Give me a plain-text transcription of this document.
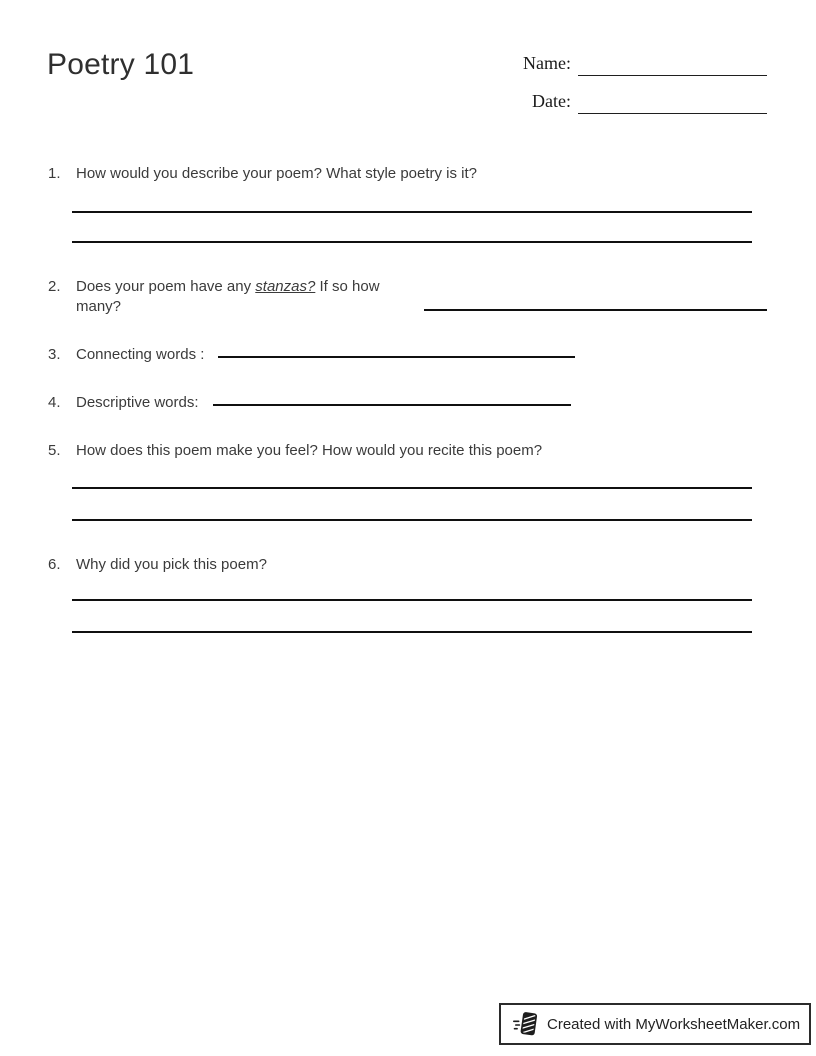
Poetry 101	Name:
Date:
1.	How would you describe your poem? What style poetry is it?
2.	Does your poem have any stanzas? If so how many?
3.	Connecting words :
4.	Descriptive words:
5.	How does this poem make you feel? How would you recite this poem?
6.	Why did you pick this poem?
Created with MyWorksheetMaker.com
